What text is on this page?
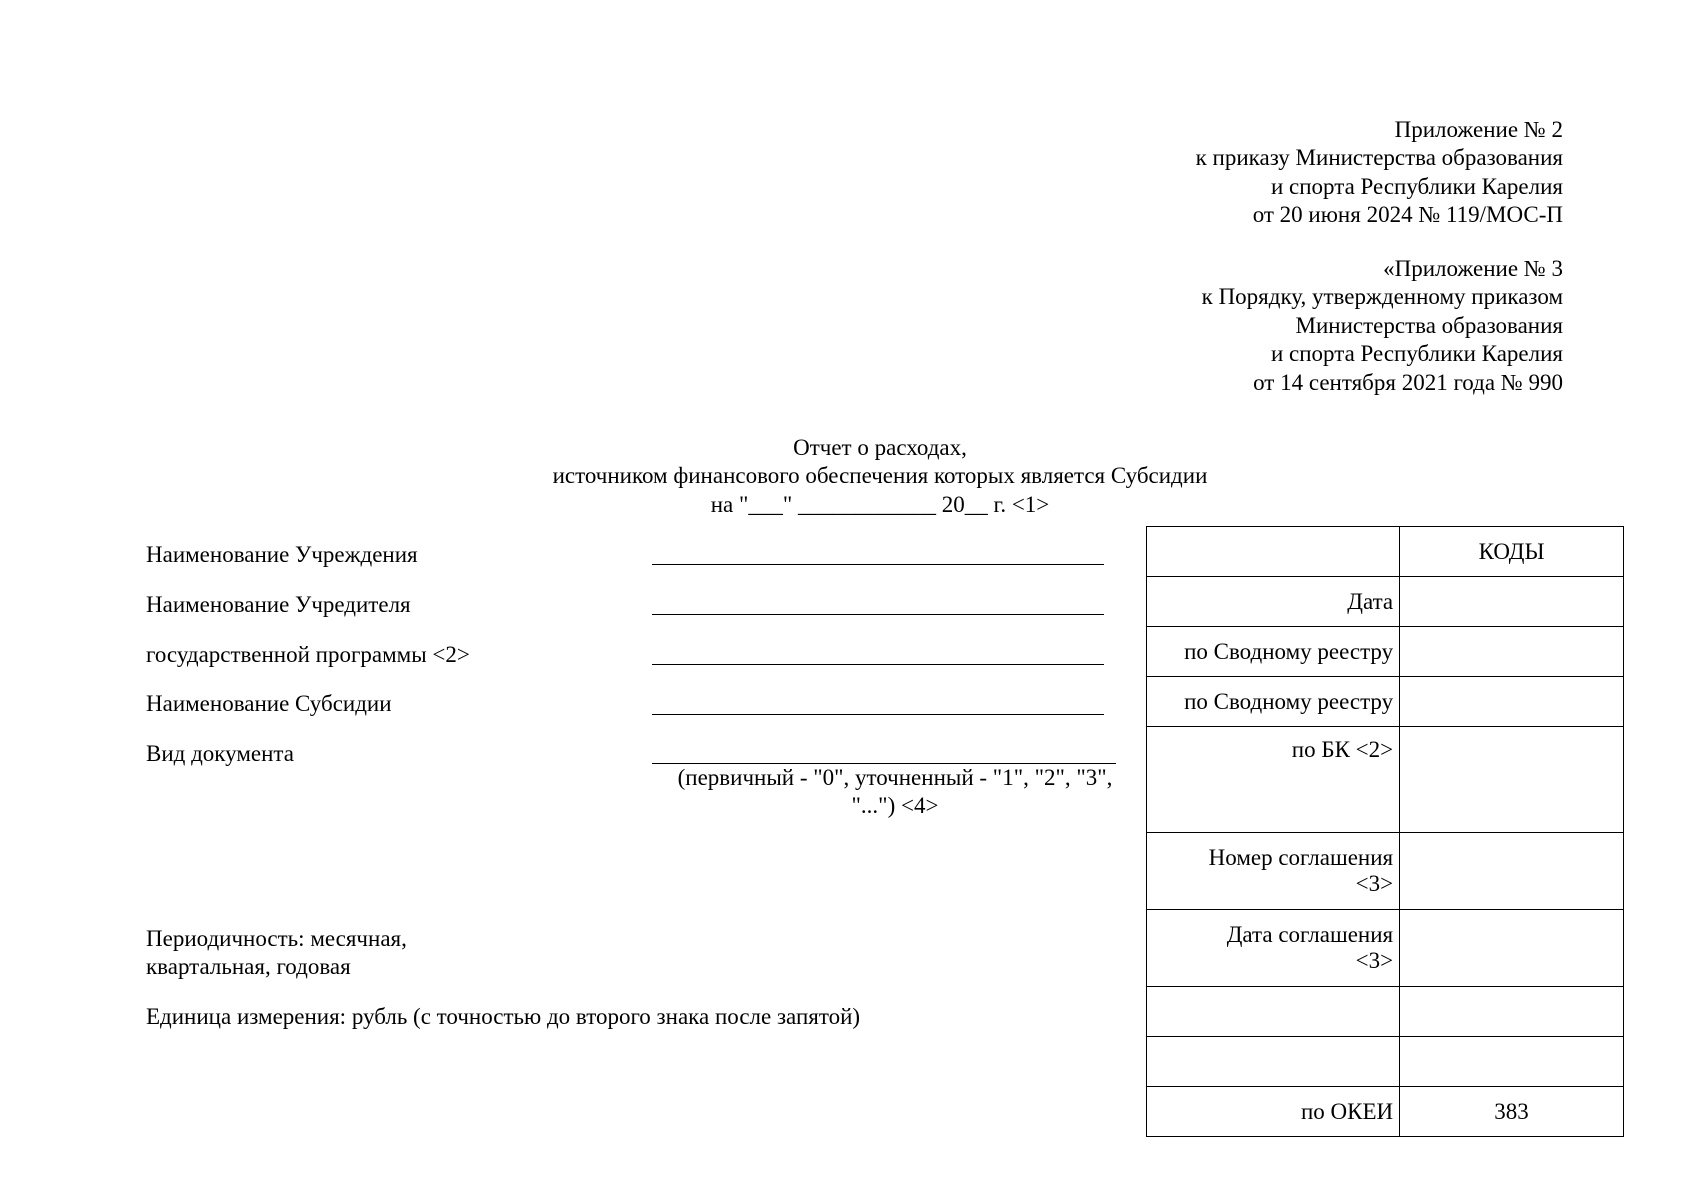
Приложение № 2
к приказу Министерства образования
и спорта Республики Карелия
от 20 июня 2024 № 119/МОС-П
«Приложение № 3
к Порядку, утвержденному приказом
Министерства образования
и спорта Республики Карелия
от 14 сентября 2021 года № 990
Отчет о расходах,
источником финансового обеспечения которых является Субсидии
на "___" ____________ 20__ г. <1>
Наименование Учреждения
Наименование Учредителя
государственной программы <2>
Наименование Субсидии
Вид документа
(первичный - "0", уточненный - "1", "2", "3",
"...") <4>
Периодичность: месячная,
квартальная, годовая
Единица измерения: рубль (с точностью до второго знака после запятой)
	КОДЫ
Дата	
по Сводному реестру	
по Сводному реестру	
по БК <2>	

Номер соглашения
<3>	

Дата соглашения
<3>	

по ОКЕИ	383
